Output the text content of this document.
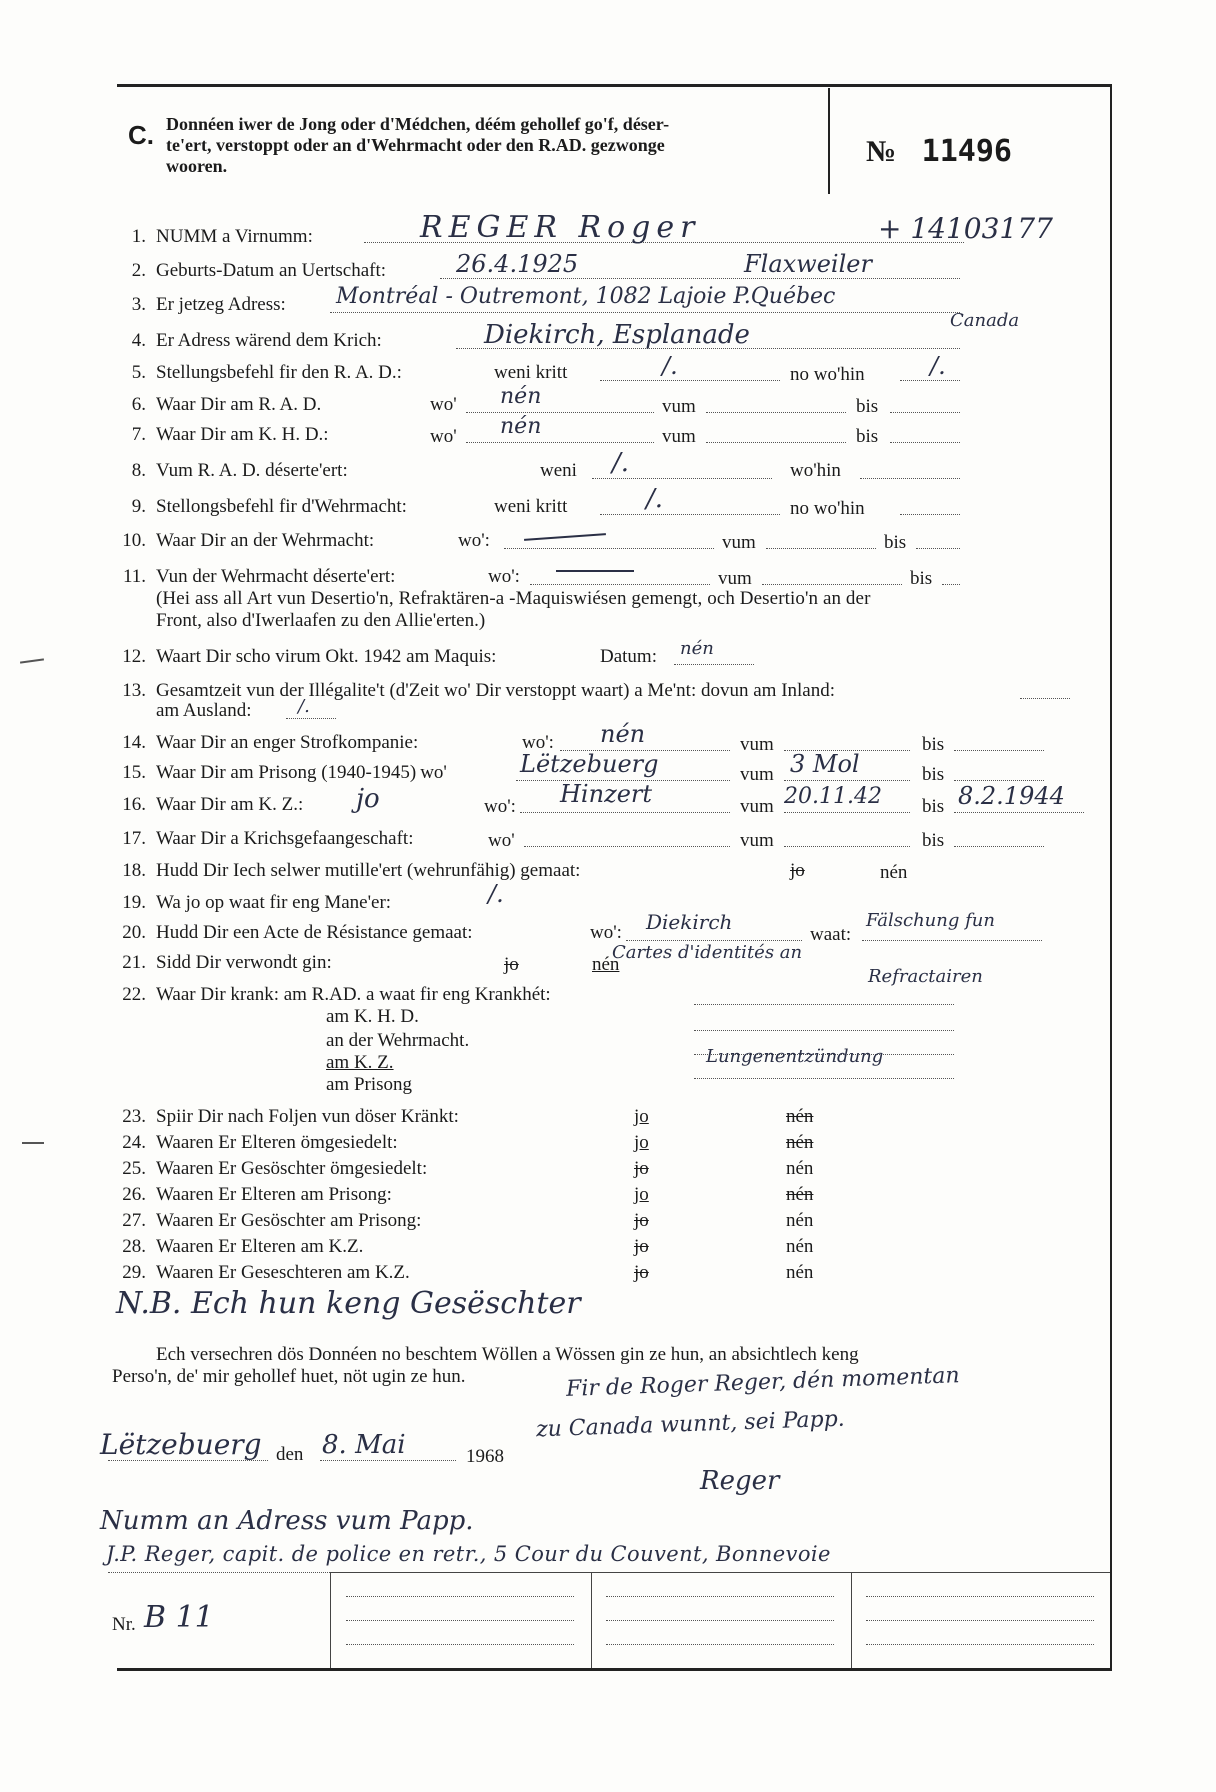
C. Donnéen iwer de Jong oder d'Médchen, déém gehollef go'f, déser-
te'ert, verstoppt oder an d'Wehrmacht oder den R.AD. gezwonge
wooren.	№ 11496
1. NUMM a Virnumm:	REGER Roger	+ 14103177
2. Geburts-Datum an Uertschaft:	26.4.1925	Flaxweiler
3. Er jetzeg Adress: Montréal - Outremont, 1082 Lajoie P.Québec
Canada
4. Er Adress wärend dem Krich:	Diekirch, Esplanade
5. Stellungsbefehl fir den R. A. D.:	weni kritt	/.	no wo'hin	/.
6. Waar Dir am R. A. D.	wo' nén	vum	bis
7. Waar Dir am K. H. D.:	wo' nén	vum	bis
8. Vum R. A. D. déserte'ert:	weni /.	wo'hin
9. Stellongsbefehl fir d'Wehrmacht:	weni kritt	/.	no wo'hin
10. Waar Dir an der Wehrmacht:	wo':	vum	bis
11. Vun der Wehrmacht déserte'ert:	wo':	vum	bis
(Hei ass all Art vun Desertio'n, Refraktären-a -Maquiswiésen gemengt, och Desertio'n an der
Front, also d'Iwerlaafen zu den Allie'erten.)
12. Waart Dir scho virum Okt. 1942 am Maquis:	Datum: nén
13. Gesamtzeit vun der Illégalite't (d'Zeit wo' Dir verstoppt waart) a Me'nt: dovun am Inland:
am Ausland:	/.
14. Waar Dir an enger Strofkompanie:	wo': nén	vum	bis
15. Waar Dir am Prisong (1940-1945) wo'	Lëtzebuerg	vum 3 Mol	bis
16. Waar Dir am K. Z.: jo	wo': Hinzert	vum 20.11.42 bis 8.2.1944
17. Waar Dir a Krichsgefaangeschaft:	wo'	vum	bis
18. Hudd Dir Iech selwer mutille'ert (wehrunfähig) gemaat:	jo	nén
19. Wa jo op waat fir eng Mane'er:	/.
20. Hudd Dir een Acte de Résistance gemaat:	wo': Diekirch
waat:
Fälschung fun
21. Sidd Dir verwondt gin:	jo	nén
Cartes d'identités an
Refractairen
22. Waar Dir krank: am R.AD. a waat fir eng Krankhét:
am K. H. D.
an der Wehrmacht.
am K. Z.	Lungenentzündung
am Prisong
23. Spiir Dir nach Foljen vun döser Kränkt:	jo	nén
24. Waaren Er Elteren ömgesiedelt:	jo	nén
25. Waaren Er Gesöschter ömgesiedelt:	jo	nén
26. Waaren Er Elteren am Prisong:	jo	nén
27. Waaren Er Gesöschter am Prisong:	jo	nén
28. Waaren Er Elteren am K.Z.	jo	nén
29. Waaren Er Geseschteren am K.Z.	jo	nén
N.B. Ech hun keng Gesëschter
Ech versechren dös Donnéen no beschtem Wöllen a Wössen gin ze hun, an absichtlech keng
Perso'n, de' mir gehollef huet, nöt ugin ze hun.	Fir de Roger Reger, dén momentan
zu Canada wunnt, sei Papp.
Lëtzebuerg den 8. Mai	1968
Reger
Numm an Adress vum Papp.
J.P. Reger, capit. de police en retr., 5 Cour du Couvent, Bonnevoie
Nr. B 11
